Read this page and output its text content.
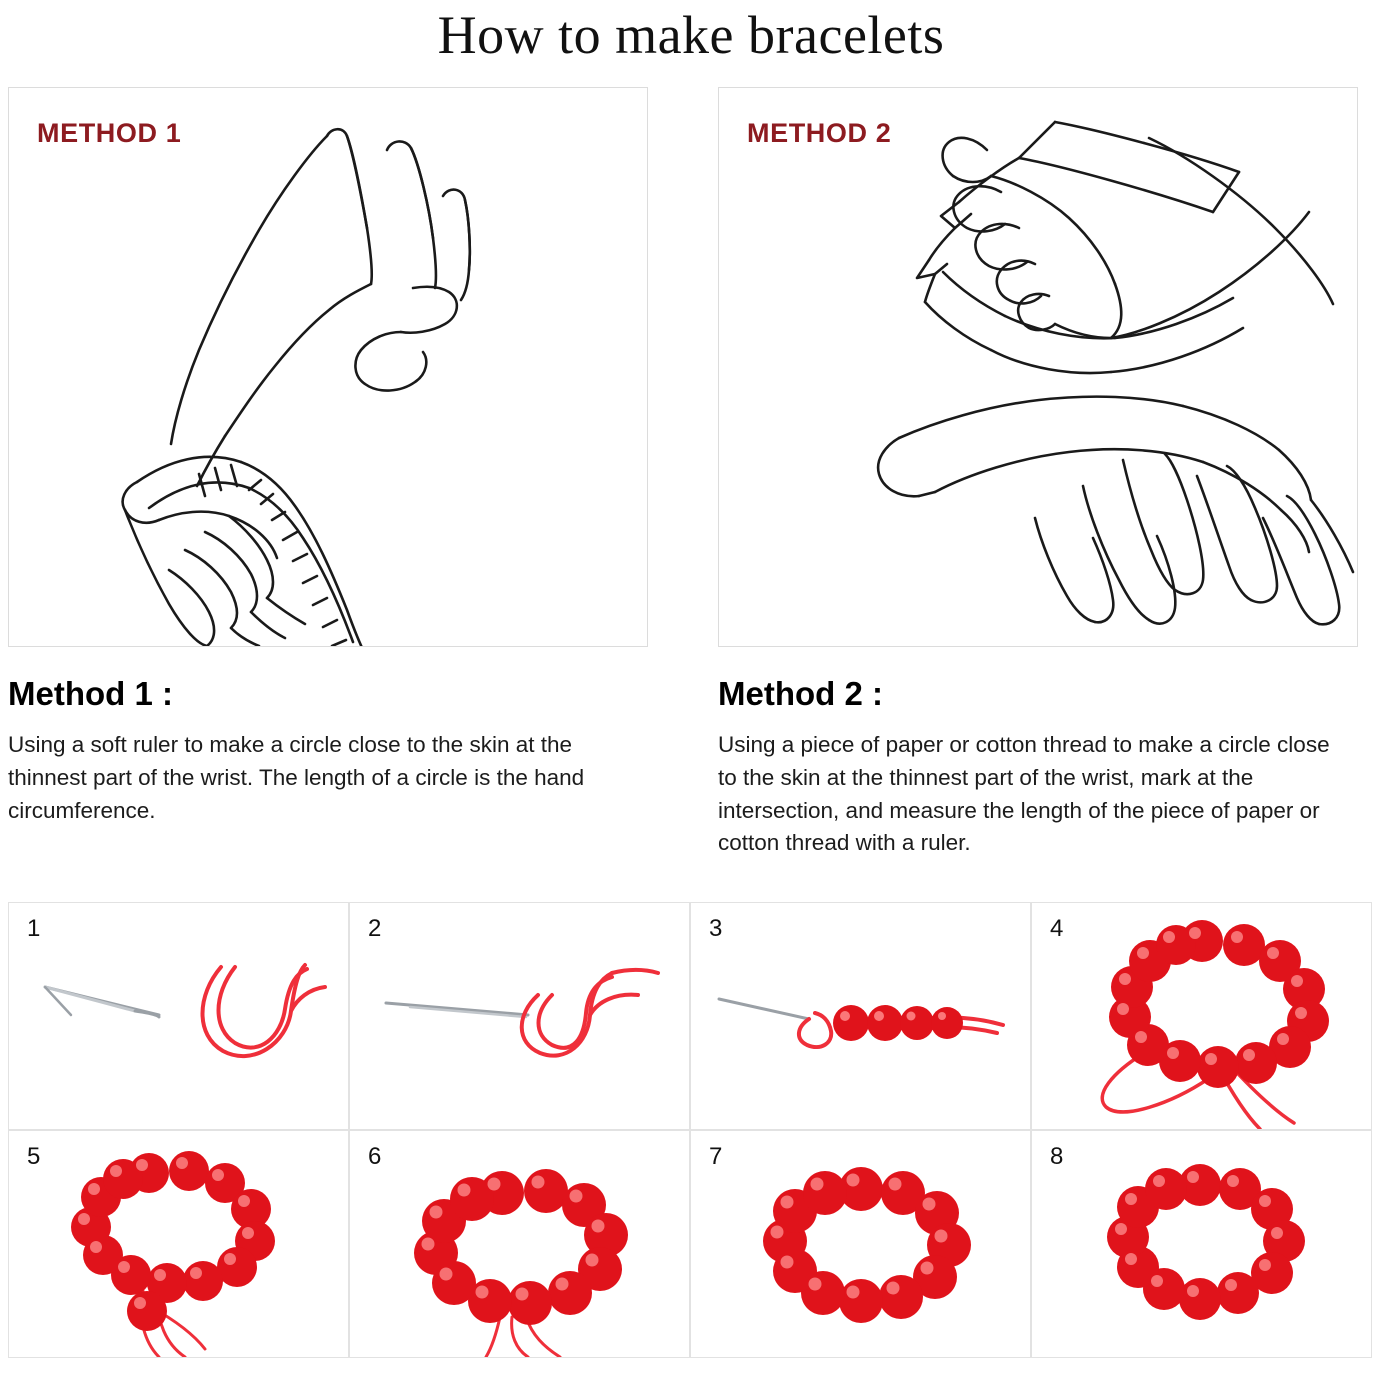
How to make bracelets
METHOD 1
Method 1 :
Using a soft ruler to make a circle close to the skin at the thinnest part of the wrist. The length of a circle is the hand circumference.
METHOD 2
Method 2 :
Using a piece of paper or cotton thread to make a circle close to the skin at the thinnest part of the wrist, mark at the intersection, and measure the length of the piece of paper or cotton thread with a ruler.
1	2	3	4
5	6	7	8
